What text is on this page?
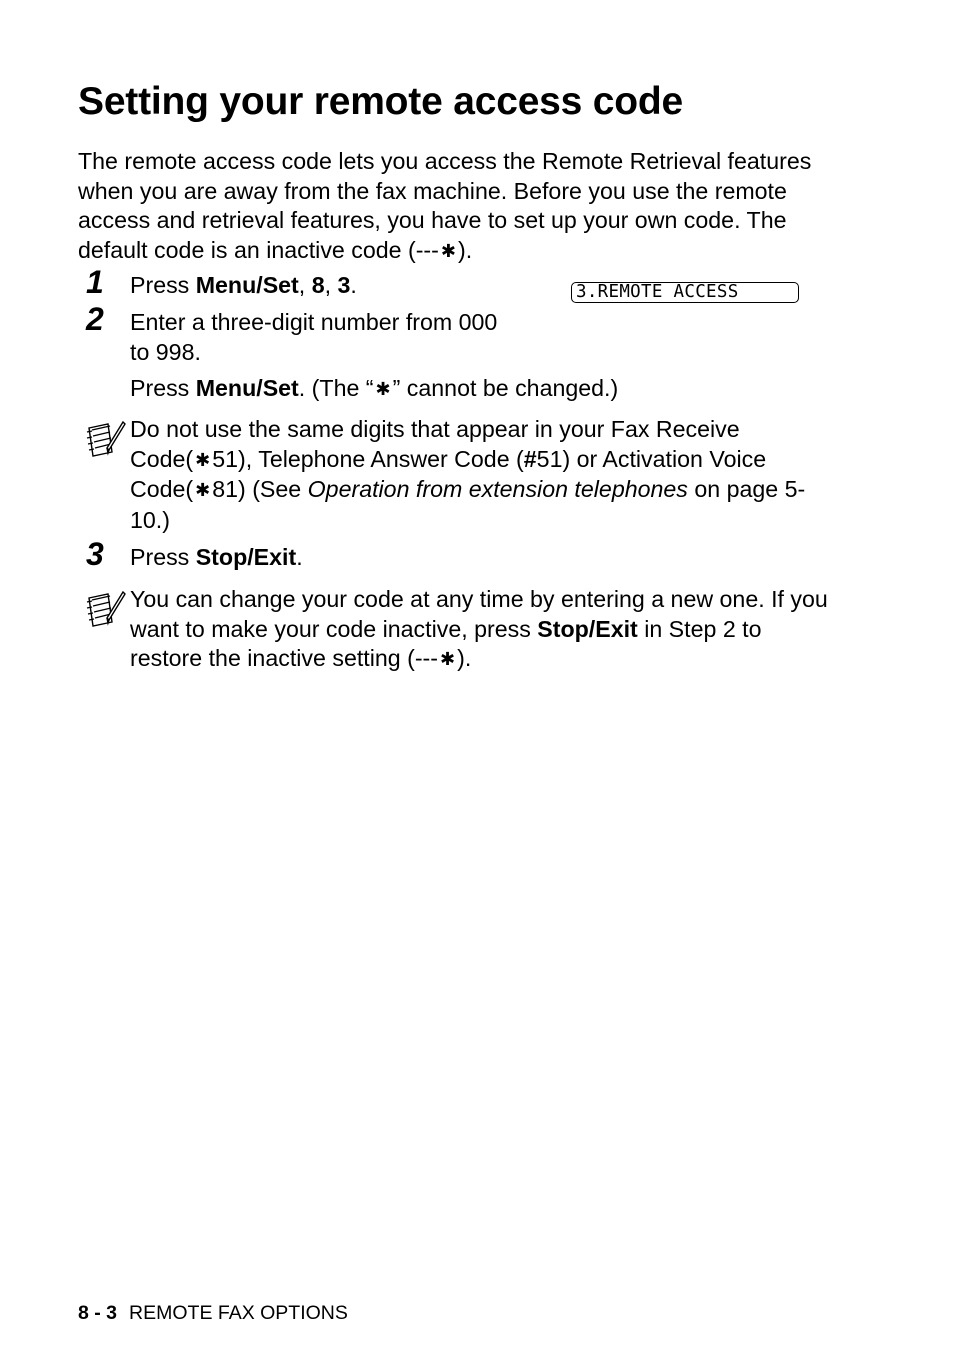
Setting your remote access code

The remote access code lets you access the Remote Retrieval features when you are away from the fax machine. Before you use the remote access and retrieval features, you have to set up your own code. The default code is an inactive code (--- ✱).

1 Press Menu/Set, 8, 3.	3.REMOTE ACCESS
2 Enter a three-digit number from 000 to 998.

Press Menu/Set. (The “ ✱” cannot be changed.)

Do not use the same digits that appear in your Fax Receive Code( ✱51), Telephone Answer Code (#51) or Activation Voice Code( ✱81) (See Operation from extension telephones on page 5-10.)

3 Press Stop/Exit.

You can change your code at any time by entering a new one. If you want to make your code inactive, press Stop/Exit in Step 2 to restore the inactive setting (--- ✱).

8 - 3 REMOTE FAX OPTIONS
